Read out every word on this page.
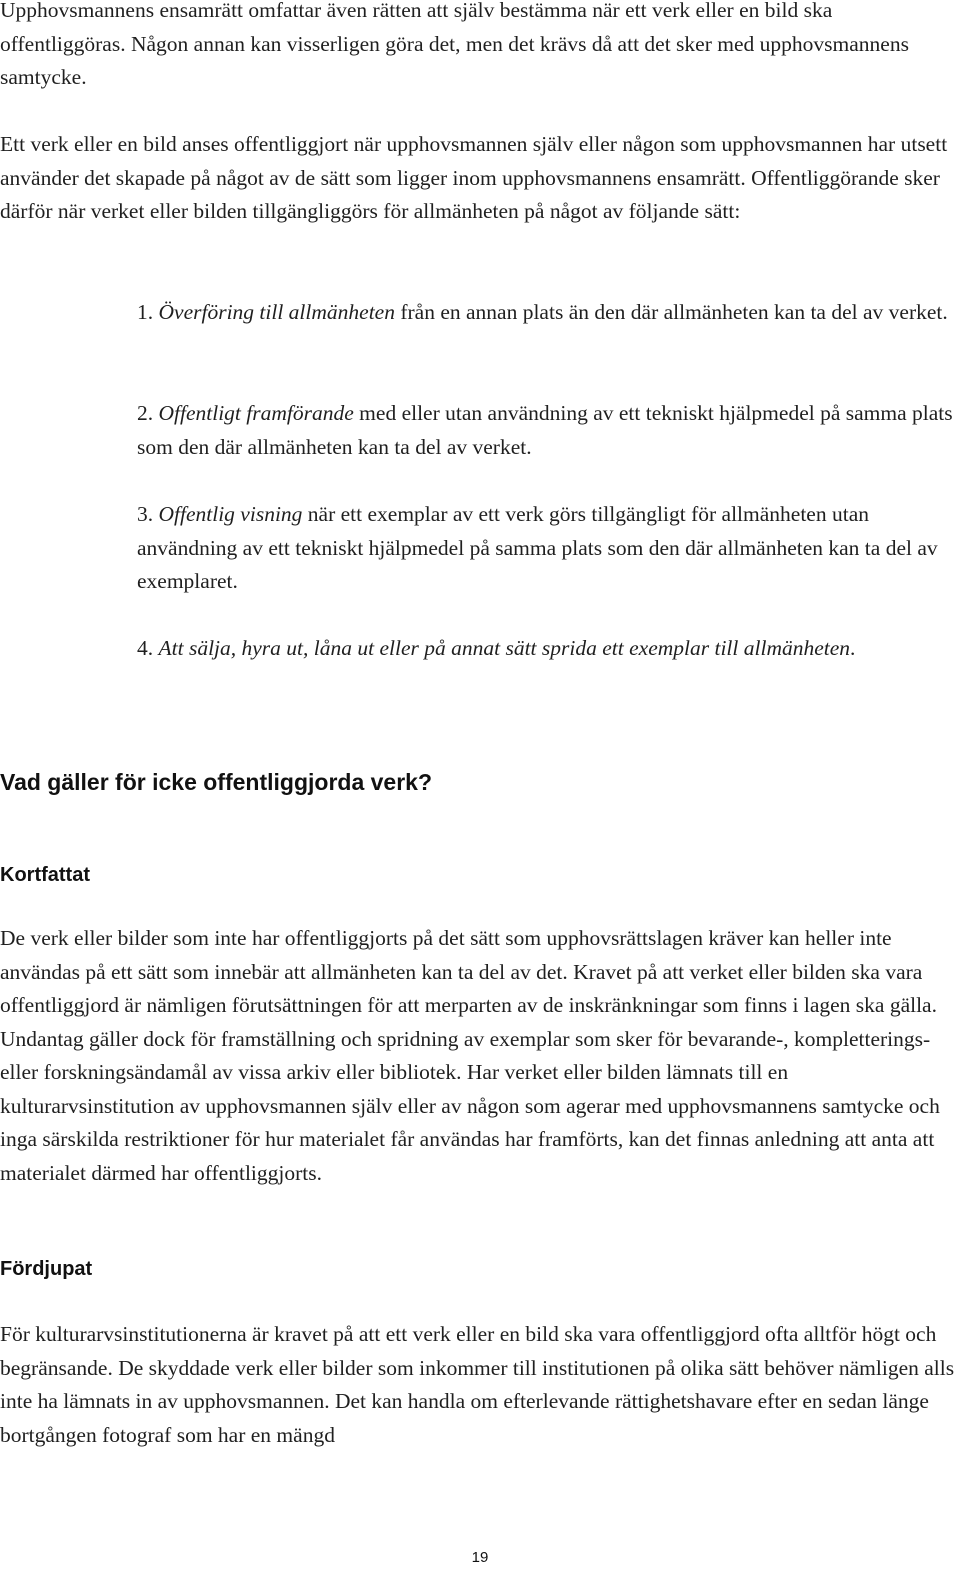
Upphovsmannens ensamrätt omfattar även rätten att själv bestämma när ett verk eller en bild ska offentliggöras. Någon annan kan visserligen göra det, men det krävs då att det sker med upphovsmannens samtycke.

Ett verk eller en bild anses offentliggjort när upphovsmannen själv eller någon som upphovsmannen har utsett använder det skapade på något av de sätt som ligger inom upphovsmannens ensamrätt. Offentliggörande sker därför när verket eller bilden tillgängliggörs för allmänheten på något av följande sätt:

1. Överföring till allmänheten från en annan plats än den där allmänheten kan ta del av verket.

2. Offentligt framförande med eller utan användning av ett tekniskt hjälpmedel på samma plats som den där allmänheten kan ta del av verket.

3. Offentlig visning när ett exemplar av ett verk görs tillgängligt för allmänheten utan användning av ett tekniskt hjälpmedel på samma plats som den där allmänheten kan ta del av exemplaret.

4. Att sälja, hyra ut, låna ut eller på annat sätt sprida ett exemplar till allmänheten.

Vad gäller för icke offentliggjorda verk?
Kortfattat

De verk eller bilder som inte har offentliggjorts på det sätt som upphovsrättslagen kräver kan heller inte användas på ett sätt som innebär att allmänheten kan ta del av det. Kravet på att verket eller bilden ska vara offentliggjord är nämligen förutsättningen för att merparten av de inskränkningar som finns i lagen ska gälla. Undantag gäller dock för framställning och spridning av exemplar som sker för bevarande-, kompletterings- eller forskningsändamål av vissa arkiv eller bibliotek. Har verket eller bilden lämnats till en kulturarvsinstitution av upphovsmannen själv eller av någon som agerar med upphovsmannens samtycke och inga särskilda restriktioner för hur materialet får användas har framförts, kan det finnas anledning att anta att materialet därmed har offentliggjorts.

Fördjupat

För kulturarvsinstitutionerna är kravet på att ett verk eller en bild ska vara offentliggjord ofta alltför högt och begränsande. De skyddade verk eller bilder som inkommer till institutionen på olika sätt behöver nämligen alls inte ha lämnats in av upphovsmannen. Det kan handla om efterlevande rättighetshavare efter en sedan länge bortgången fotograf som har en mängd

19
